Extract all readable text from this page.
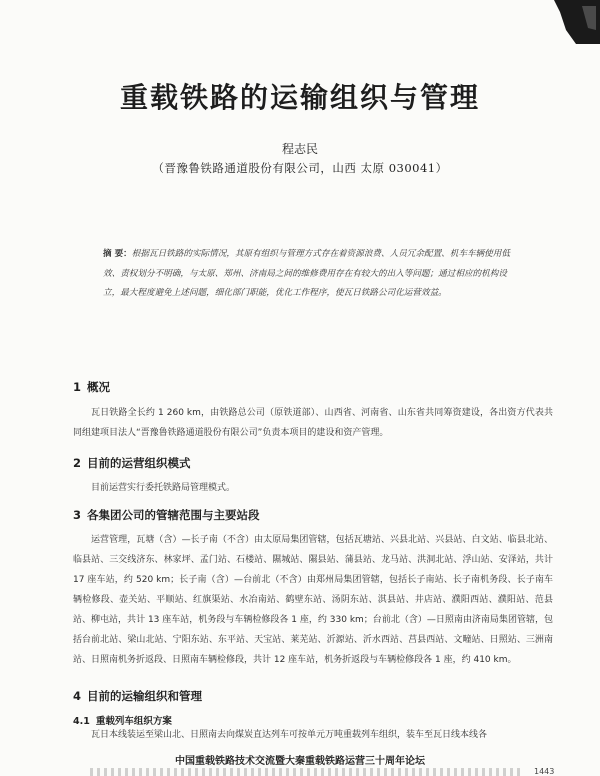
重载铁路的运输组织与管理
程志民
（晋豫鲁铁路通道股份有限公司，山西 太原 030041）
摘 要：根据瓦日铁路的实际情况，其原有组织与管理方式存在着资源浪费、人员冗余配置、机车车辆使用低效、责权划分不明确，与太原、郑州、济南局之间的维修费用存在有较大的出入等问题；通过相应的机构设立，最大程度避免上述问题，细化部门职能，优化工作程序，使瓦日铁路公司化运营效益。
1 概况
瓦日铁路全长约 1 260 km，由铁路总公司（原铁道部）、山西省、河南省、山东省共同筹资建设，各出资方代表共同组建项目法人“晋豫鲁铁路通道股份有限公司”负责本项目的建设和资产管理。
2 目前的运营组织模式
目前运营实行委托铁路局管理模式。
3 各集团公司的管辖范围与主要站段
运营管理，瓦塘（含）—长子南（不含）由太原局集团管辖，包括瓦塘站、兴县北站、兴县站、白文站、临县北站、临县站、三交线济东、林家坪、孟门站、石楼站、隰城站、隰县站、蒲县站、龙马站、洪洞北站、浮山站、安泽站，共计 17 座车站，约 520 km；长子南（含）—台前北（不含）由郑州局集团管辖，包括长子南站、长子南机务段、长子南车辆检修段、壶关站、平顺站、红旗渠站、水冶南站、鹤壁东站、汤阴东站、淇县站、井店站、濮阳西站、濮阳站、范县站、柳屯站，共计 13 座车站，机务段与车辆检修段各 1 座，约 330 km；台前北（含）—日照南由济南局集团管辖，包括台前北站、梁山北站、宁阳东站、东平站、天宝站、莱芜站、沂源站、沂水西站、莒县西站、文疃站、日照站、三洲南站、日照南机务折返段、日照南车辆检修段，共计 12 座车站，机务折返段与车辆检修段各 1 座，约 410 km。
4 目前的运输组织和管理
4.1 重载列车组织方案
瓦日本线装运至梁山北、日照南去向煤炭直达列车可按单元万吨重载列车组织，装车至瓦日线本线各
中国重载铁路技术交流暨大秦重载铁路运营三十周年论坛
1443
